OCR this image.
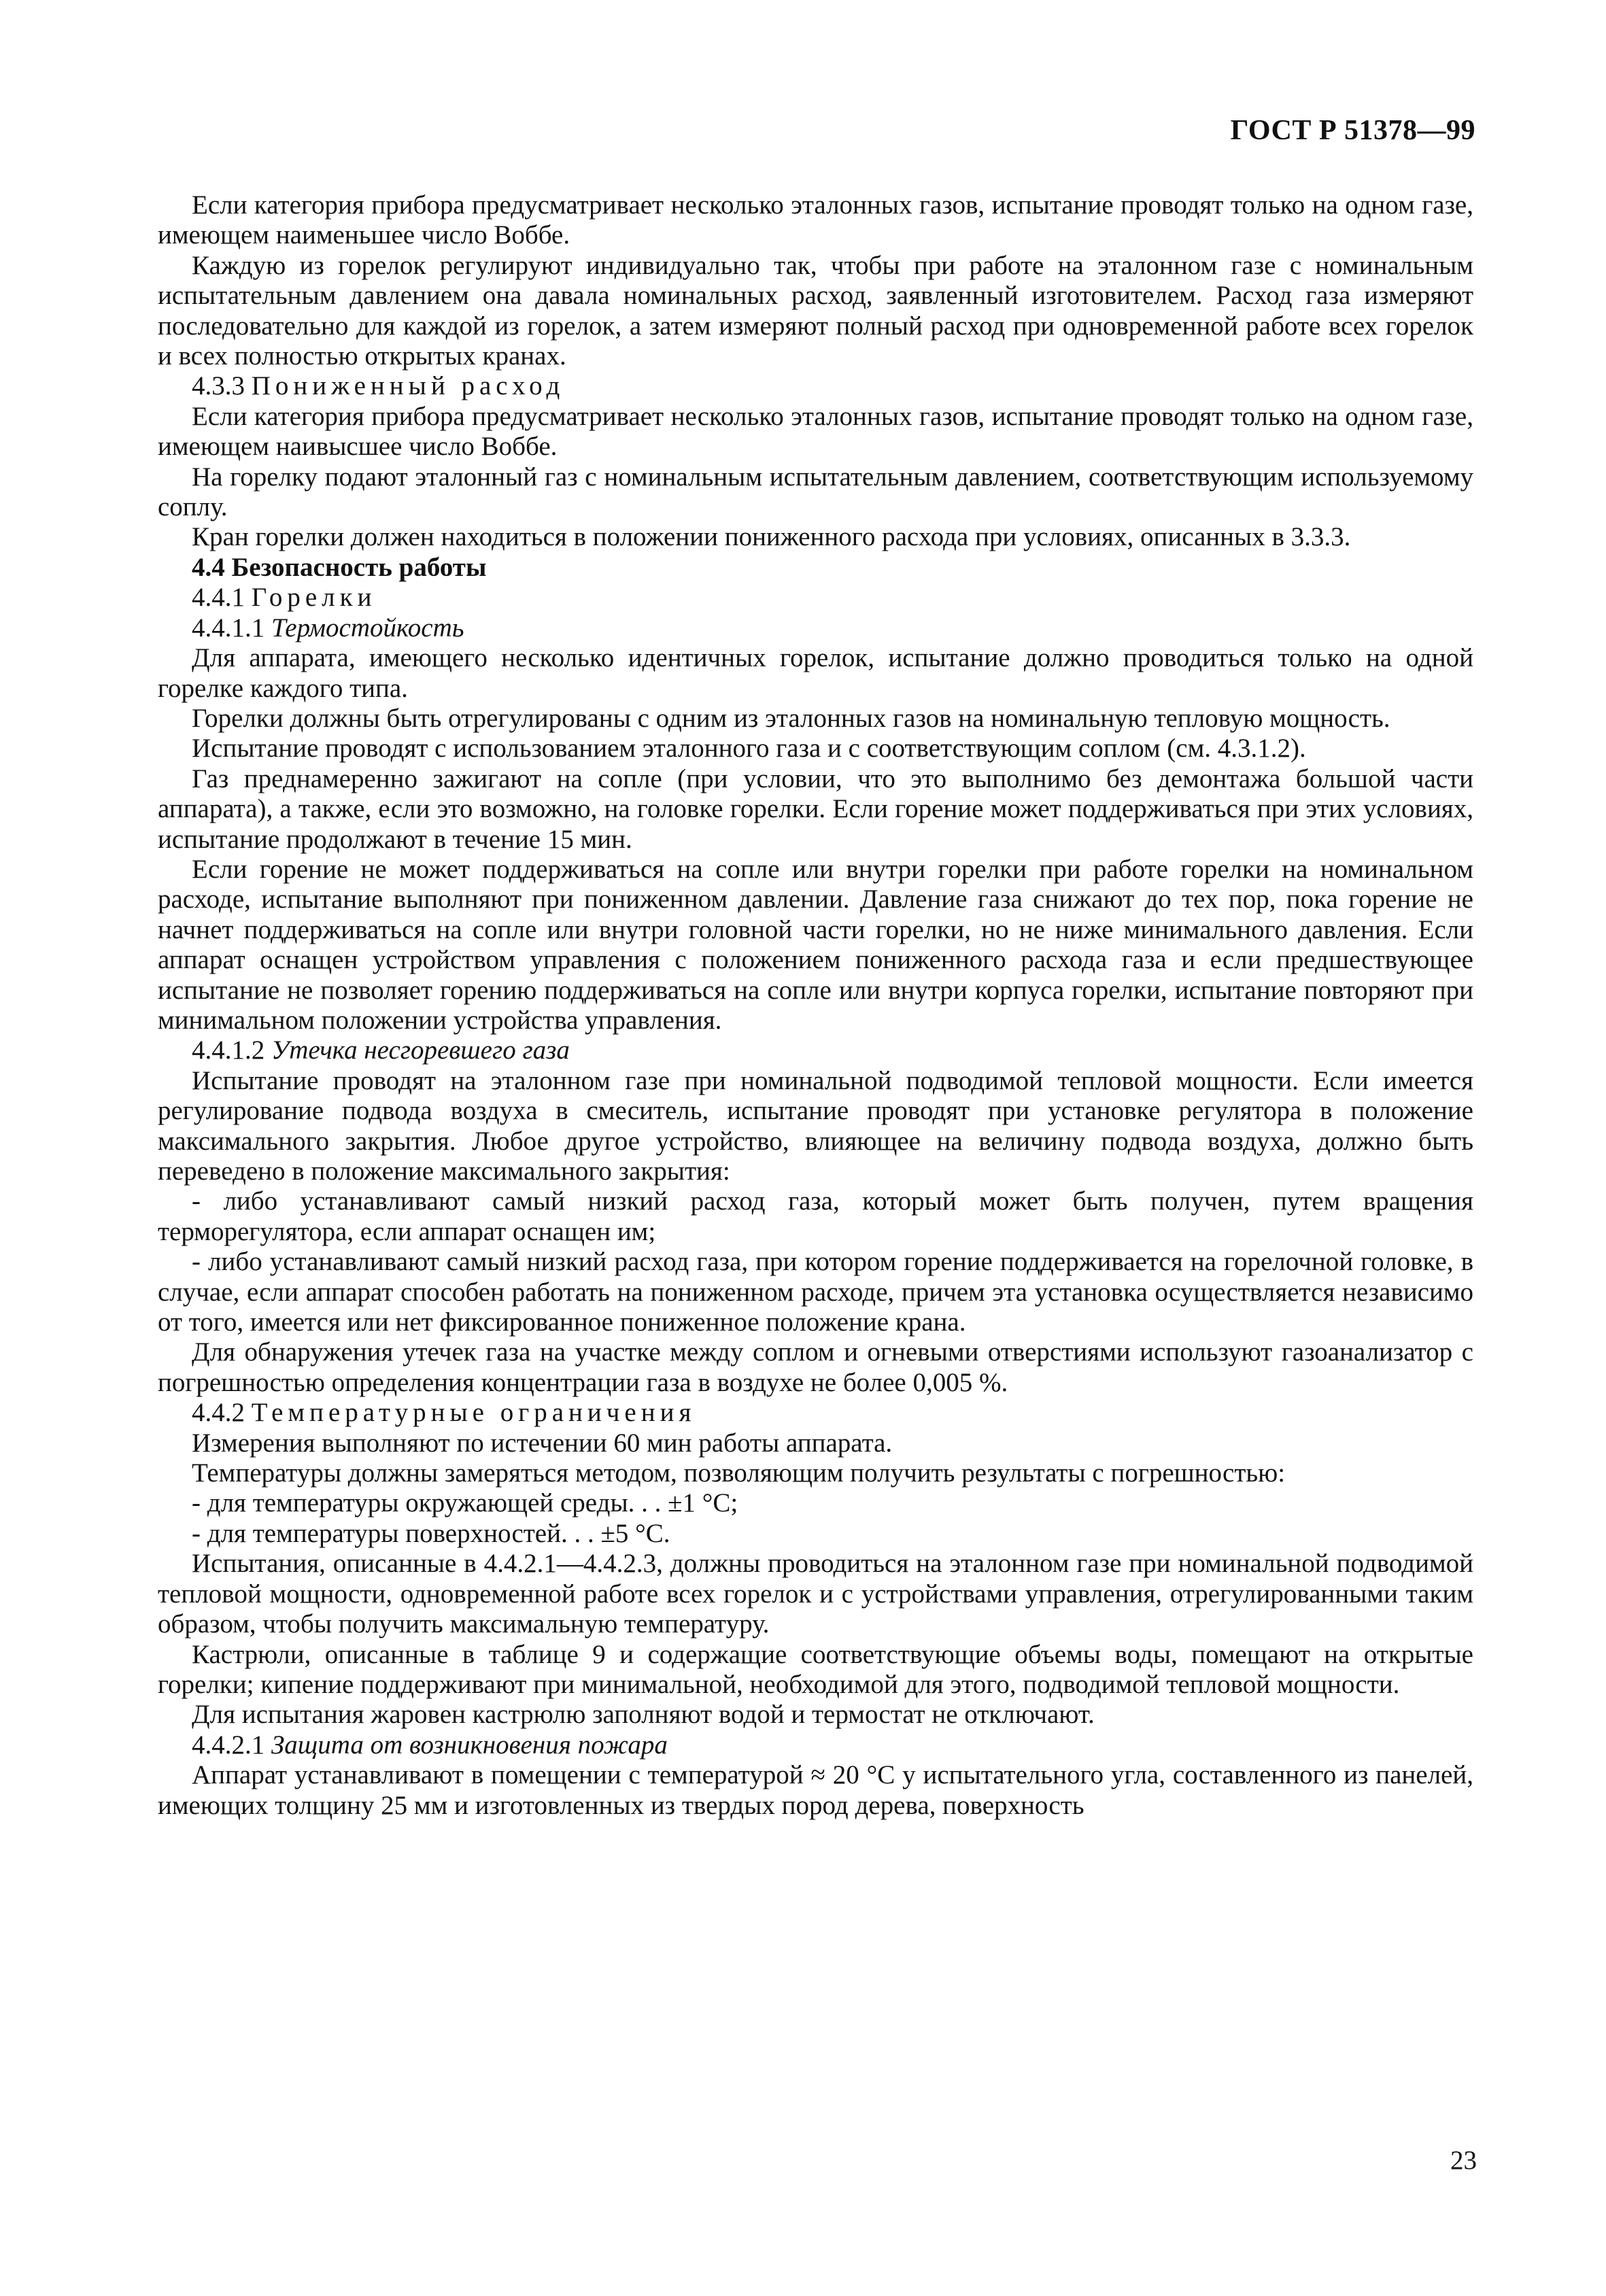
ГОСТ Р 51378—99
Если категория прибора предусматривает несколько эталонных газов, испытание проводят только на одном газе, имеющем наименьшее число Воббе.
Каждую из горелок регулируют индивидуально так, чтобы при работе на эталонном газе с номинальным испытательным давлением она давала номинальных расход, заявленный изготовителем. Расход газа измеряют последовательно для каждой из горелок, а затем измеряют полный расход при одновременной работе всех горелок и всех полностью открытых кранах.
4.3.3 Пониженный расход
Если категория прибора предусматривает несколько эталонных газов, испытание проводят только на одном газе, имеющем наивысшее число Воббе.
На горелку подают эталонный газ с номинальным испытательным давлением, соответствующим используемому соплу.
Кран горелки должен находиться в положении пониженного расхода при условиях, описанных в 3.3.3.
4.4 Безопасность работы
4.4.1 Горелки
4.4.1.1 Термостойкость
Для аппарата, имеющего несколько идентичных горелок, испытание должно проводиться только на одной горелке каждого типа.
Горелки должны быть отрегулированы с одним из эталонных газов на номинальную тепловую мощность.
Испытание проводят с использованием эталонного газа и с соответствующим соплом (см. 4.3.1.2).
Газ преднамеренно зажигают на сопле (при условии, что это выполнимо без демонтажа большой части аппарата), а также, если это возможно, на головке горелки. Если горение может поддерживаться при этих условиях, испытание продолжают в течение 15 мин.
Если горение не может поддерживаться на сопле или внутри горелки при работе горелки на номинальном расходе, испытание выполняют при пониженном давлении. Давление газа снижают до тех пор, пока горение не начнет поддерживаться на сопле или внутри головной части горелки, но не ниже минимального давления. Если аппарат оснащен устройством управления с положением пониженного расхода газа и если предшествующее испытание не позволяет горению поддерживаться на сопле или внутри корпуса горелки, испытание повторяют при минимальном положении устройства управления.
4.4.1.2 Утечка несгоревшего газа
Испытание проводят на эталонном газе при номинальной подводимой тепловой мощности. Если имеется регулирование подвода воздуха в смеситель, испытание проводят при установке регулятора в положение максимального закрытия. Любое другое устройство, влияющее на величину подвода воздуха, должно быть переведено в положение максимального закрытия:
- либо устанавливают самый низкий расход газа, который может быть получен, путем вращения терморегулятора, если аппарат оснащен им;
- либо устанавливают самый низкий расход газа, при котором горение поддерживается на горелочной головке, в случае, если аппарат способен работать на пониженном расходе, причем эта установка осуществляется независимо от того, имеется или нет фиксированное пониженное положение крана.
Для обнаружения утечек газа на участке между соплом и огневыми отверстиями используют газоанализатор с погрешностью определения концентрации газа в воздухе не более 0,005 %.
4.4.2 Температурные ограничения
Измерения выполняют по истечении 60 мин работы аппарата.
Температуры должны замеряться методом, позволяющим получить результаты с погрешностью:
- для температуры окружающей среды. . . ±1 °С;
- для температуры поверхностей. . . ±5 °С.
Испытания, описанные в 4.4.2.1—4.4.2.3, должны проводиться на эталонном газе при номинальной подводимой тепловой мощности, одновременной работе всех горелок и с устройствами управления, отрегулированными таким образом, чтобы получить максимальную температуру.
Кастрюли, описанные в таблице 9 и содержащие соответствующие объемы воды, помещают на открытые горелки; кипение поддерживают при минимальной, необходимой для этого, подводимой тепловой мощности.
Для испытания жаровен кастрюлю заполняют водой и термостат не отключают.
4.4.2.1 Защита от возникновения пожара
Аппарат устанавливают в помещении с температурой ≈ 20 °С у испытательного угла, составленного из панелей, имеющих толщину 25 мм и изготовленных из твердых пород дерева, поверхность
23
